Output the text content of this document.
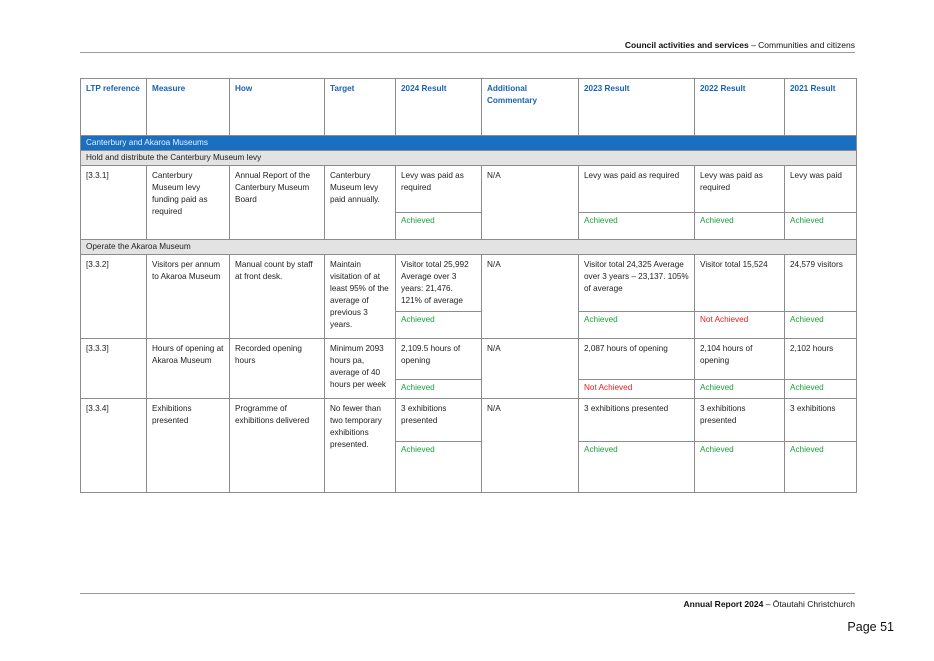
Council activities and services – Communities and citizens
LTP reference	Measure	How	Target	2024 Result	Additional Commentary	2023 Result	2022 Result	2021 Result
Canterbury and Akaroa Museums								
Hold and distribute the Canterbury Museum levy								
[3.3.1]	Canterbury Museum levy funding paid as required	Annual Report of the Canterbury Museum Board	Canterbury Museum levy paid annually.	Levy was paid as required	N/A	Levy was paid as required	Levy was paid as required	Levy was paid
				Achieved		Achieved	Achieved	Achieved
Operate the Akaroa Museum								
[3.3.2]	Visitors per annum to Akaroa Museum	Manual count by staff at front desk.	Maintain visitation of at least 95% of the average of previous 3 years.	Visitor total 25,992 Average over 3 years: 21,476. 121% of average	N/A	Visitor total 24,325 Average over 3 years – 23,137. 105% of average	Visitor total 15,524	24,579 visitors
				Achieved		Achieved	Not Achieved	Achieved
[3.3.3]	Hours of opening at Akaroa Museum	Recorded opening hours	Minimum 2093 hours pa, average of 40 hours per week	2,109.5 hours of opening	N/A	2,087 hours of opening	2,104 hours of opening	2,102 hours
				Achieved		Not Achieved	Achieved	Achieved
[3.3.4]	Exhibitions presented	Programme of exhibitions delivered	No fewer than two temporary exhibitions presented.	3 exhibitions presented	N/A	3 exhibitions presented	3 exhibitions presented	3 exhibitions
				Achieved		Achieved	Achieved	Achieved
Annual Report 2024 – Ōtautahi Christchurch
Page 51
